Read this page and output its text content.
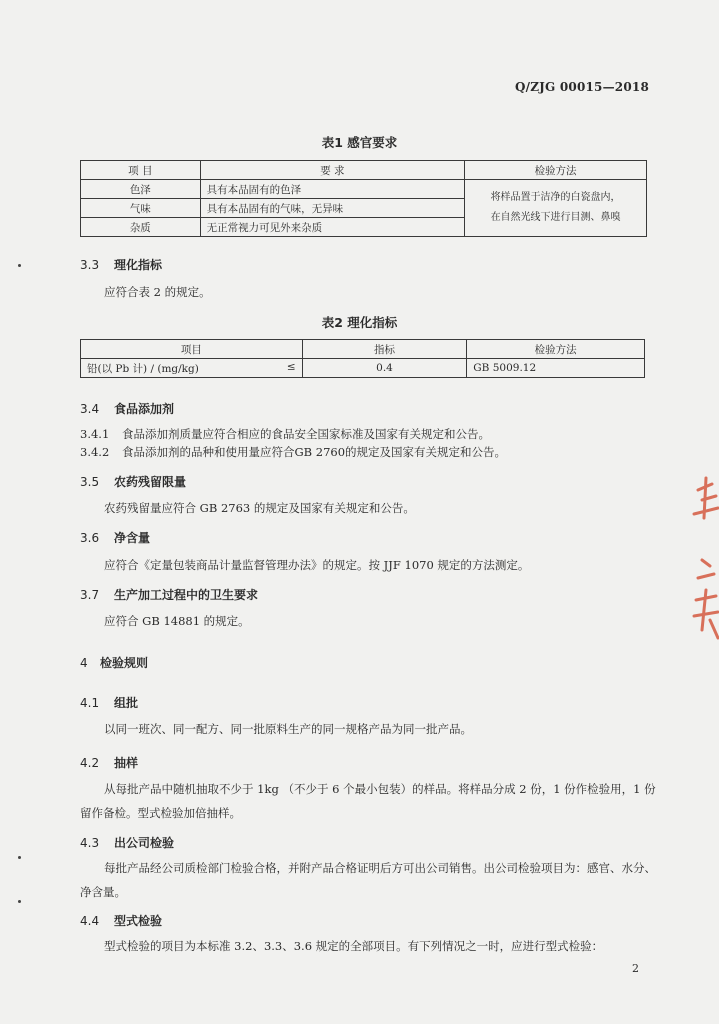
Q/ZJG 00015—2018
表1 感官要求
项 目	要 求	检验方法
色泽	具有本品固有的色泽	将样品置于洁净的白瓷盘内，
在自然光线下进行目测、鼻嗅

气味	具有本品固有的气味，无异味	
杂质	无正常视力可见外来杂质	
3.3 理化指标
应符合表 2 的规定。
表2 理化指标
项目	指标	检验方法
铅(以 Pb 计) / (mg/kg) ≤	0.4	GB 5009.12
3.4 食品添加剂
3.4.1 食品添加剂质量应符合相应的食品安全国家标准及国家有关规定和公告。
3.4.2 食品添加剂的品种和使用量应符合GB 2760的规定及国家有关规定和公告。
3.5 农药残留限量
农药残留量应符合 GB 2763 的规定及国家有关规定和公告。
3.6 净含量
应符合《定量包装商品计量监督管理办法》的规定。按 JJF 1070 规定的方法测定。
3.7 生产加工过程中的卫生要求
应符合 GB 14881 的规定。
4 检验规则
4.1 组批
以同一班次、同一配方、同一批原料生产的同一规格产品为同一批产品。
4.2 抽样
从每批产品中随机抽取不少于 1kg （不少于 6 个最小包装）的样品。将样品分成 2 份，1 份作检验用，1 份留作备检。型式检验加倍抽样。
4.3 出公司检验
每批产品经公司质检部门检验合格，并附产品合格证明后方可出公司销售。出公司检验项目为：感官、水分、净含量。
4.4 型式检验
型式检验的项目为本标准 3.2、3.3、3.6 规定的全部项目。有下列情况之一时，应进行型式检验：
2
